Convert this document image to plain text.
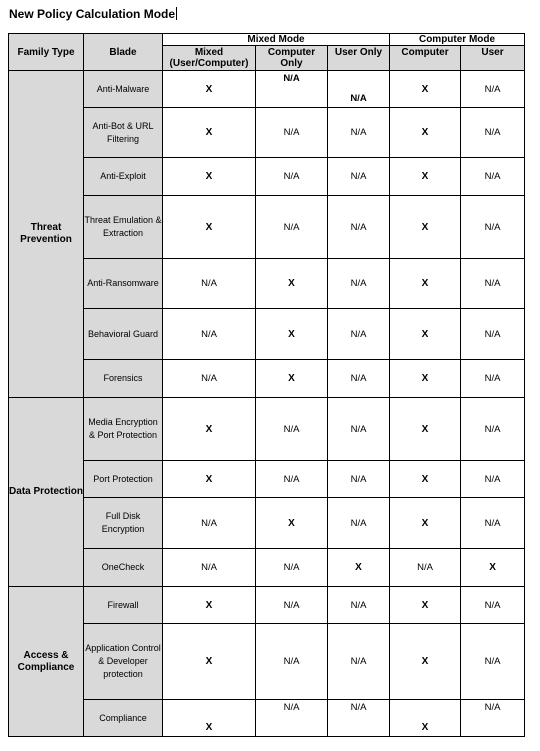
New Policy Calculation Mode
Family Type	Blade	Mixed Mode			Computer Mode	
		Mixed (User/Computer)	Computer Only	User Only	Computer	User
Threat Prevention	Anti-Malware	X	N/A	N/A	X	N/A
	Anti-Bot & URL Filtering	X	N/A	N/A	X	N/A
	Anti-Exploit	X	N/A	N/A	X	N/A
	Threat Emulation & Extraction	X	N/A	N/A	X	N/A
	Anti-Ransomware	N/A	X	N/A	X	N/A
	Behavioral Guard	N/A	X	N/A	X	N/A
	Forensics	N/A	X	N/A	X	N/A
Data Protection	Media Encryption & Port Protection	X	N/A	N/A	X	N/A
	Port Protection	X	N/A	N/A	X	N/A
	Full Disk Encryption	N/A	X	N/A	X	N/A
	OneCheck	N/A	N/A	X	N/A	X
Access & Compliance	Firewall	X	N/A	N/A	X	N/A
	Application Control & Developer protection	X	N/A	N/A	X	N/A
	Compliance	X	N/A	N/A	X	N/A
